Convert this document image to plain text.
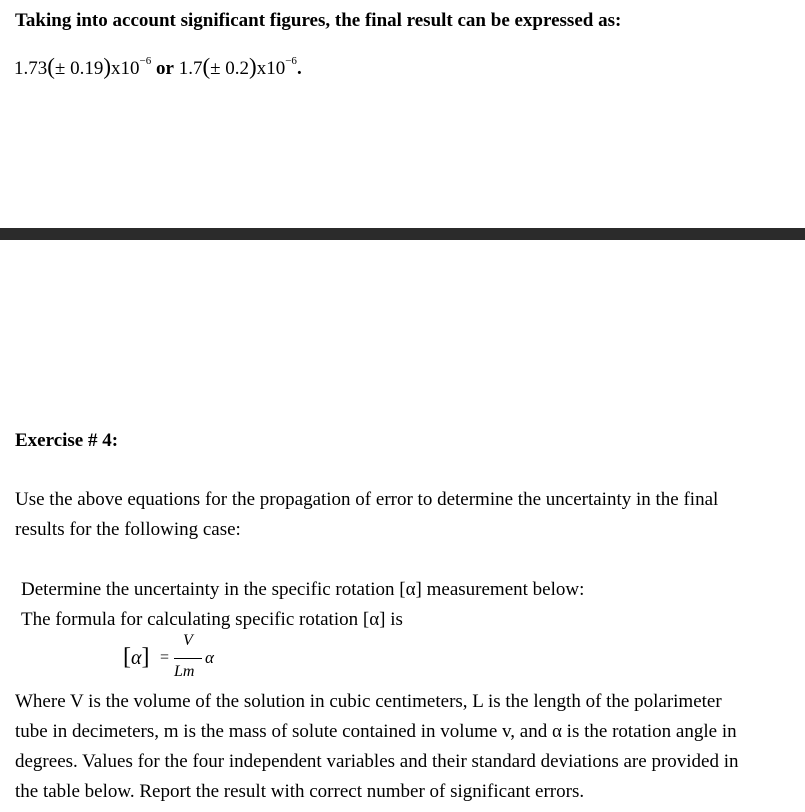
Taking into account significant figures, the final result can be expressed as:
$1.73(\pm 0.19)x10^{-6}$ or $1.7(\pm 0.2)x10^{-6}$.
Exercise # 4:
Use the above equations for the propagation of error to determine the uncertainty in the final
results for the following case:
Determine the uncertainty in the specific rotation [α] measurement below:
The formula for calculating specific rotation [α] is
[α] =
V
Lm
α
Where V is the volume of the solution in cubic centimeters, L is the length of the polarimeter
tube in decimeters, m is the mass of solute contained in volume v, and α is the rotation angle in
degrees. Values for the four independent variables and their standard deviations are provided in
the table below. Report the result with correct number of significant errors.
